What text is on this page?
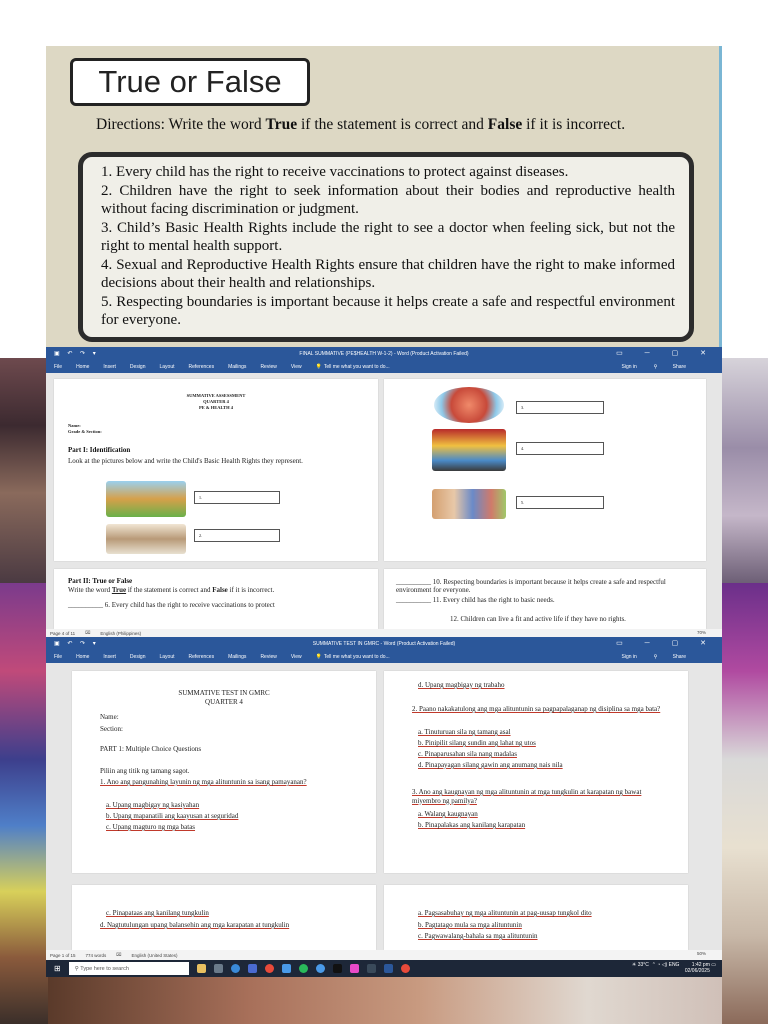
True or False
Directions: Write the word True if the statement is correct and False if it is incorrect.
1. Every child has the right to receive vaccinations to protect against diseases.
2. Children have the right to seek information about their bodies and reproductive health without facing discrimination or judgment.
3. Child’s Basic Health Rights include the right to see a doctor when feeling sick, but not the right to mental health support.
4. Sexual and Reproductive Health Rights ensure that children have the right to make informed decisions about their health and relationships.
5. Respecting boundaries is important because it helps create a safe and respectful environment for everyone.
▣ ↶ ↷ ▾	FINAL SUMMATIVE (PE$HEALTH W-1-2) - Word (Product Activation Failed)	▭ ─ ▢ ✕
File	Home	Insert	Design	Layout	References	Mailings	Review	View	💡 Tell me what you want to do...	Sign in	⚲	Share
SUMMATIVE ASSESSMENT
QUARTER 4
PE & HEALTH 4
Name:
Grade & Section:
Part I: Identification
Look at the pictures below and write the Child's Basic Health Rights they represent.
1.
2.
3.
4.
5.
Part II: True or False
Write the word True if the statement is correct and False if it is incorrect.
__________ 6. Every child has the right to receive vaccinations to protect
__________ 10. Respecting boundaries is important because it helps create a safe and respectful environment for everyone.
__________ 11. Every child has the right to basic needs.
12. Children can live a fit and active life if they have no rights.
Page 4 of 11 ⌧ English (Philippines)	70%
▣ ↶ ↷ ▾	SUMMATIVE TEST IN GMRC - Word (Product Activation Failed)	▭ ─ ▢ ✕
File	Home	Insert	Design	Layout	References	Mailings	Review	View	💡 Tell me what you want to do...	Sign in	⚲	Share
SUMMATIVE TEST IN GMRC
QUARTER 4
Name:
Section:
PART 1: Multiple Choice Questions
Piliin ang titik ng tamang sagot.
1. Ano ang pangunahing layunin ng mga alituntunin sa isang pamayanan?
a. Upang magbigay ng kasiyahan
b. Upang mapanatili ang kaayusan at seguridad
c. Upang magturo ng mga batas
d. Upang magbigay ng trabaho
2. Paano nakakatulong ang mga alituntunin sa pagpapalaganap ng disiplina sa mga bata?
a. Tinuturuan sila ng tamang asal
b. Pinipilit silang sundin ang lahat ng utos
c. Pinaparusahan sila nang madalas
d. Pinapayagan silang gawin ang anumang nais nila
3. Ano ang kaugnayan ng mga alituntunin at mga tungkulin at karapatan ng bawat miyembro ng pamilya?
a. Walang kaugnayan
b. Pinapalakas ang kanilang karapatan
c. Pinapataas ang kanilang tungkulin
d. Nagtutulungan upang balansehin ang mga karapatan at tungkulin
a. Pagsasabuhay ng mga alituntunin at pag-uusap tungkol dito
b. Pagtatago mula sa mga alituntunin
c. Pagwawalang-bahala sa mga alituntunin
Page 1 of 15 774 words ⌧ English (United States)	50%
⊞	⚲ Type here to search
☀ 33°C ⌃ ◔ ◁) ENG 1:42 pm
02/06/2025 ▭
